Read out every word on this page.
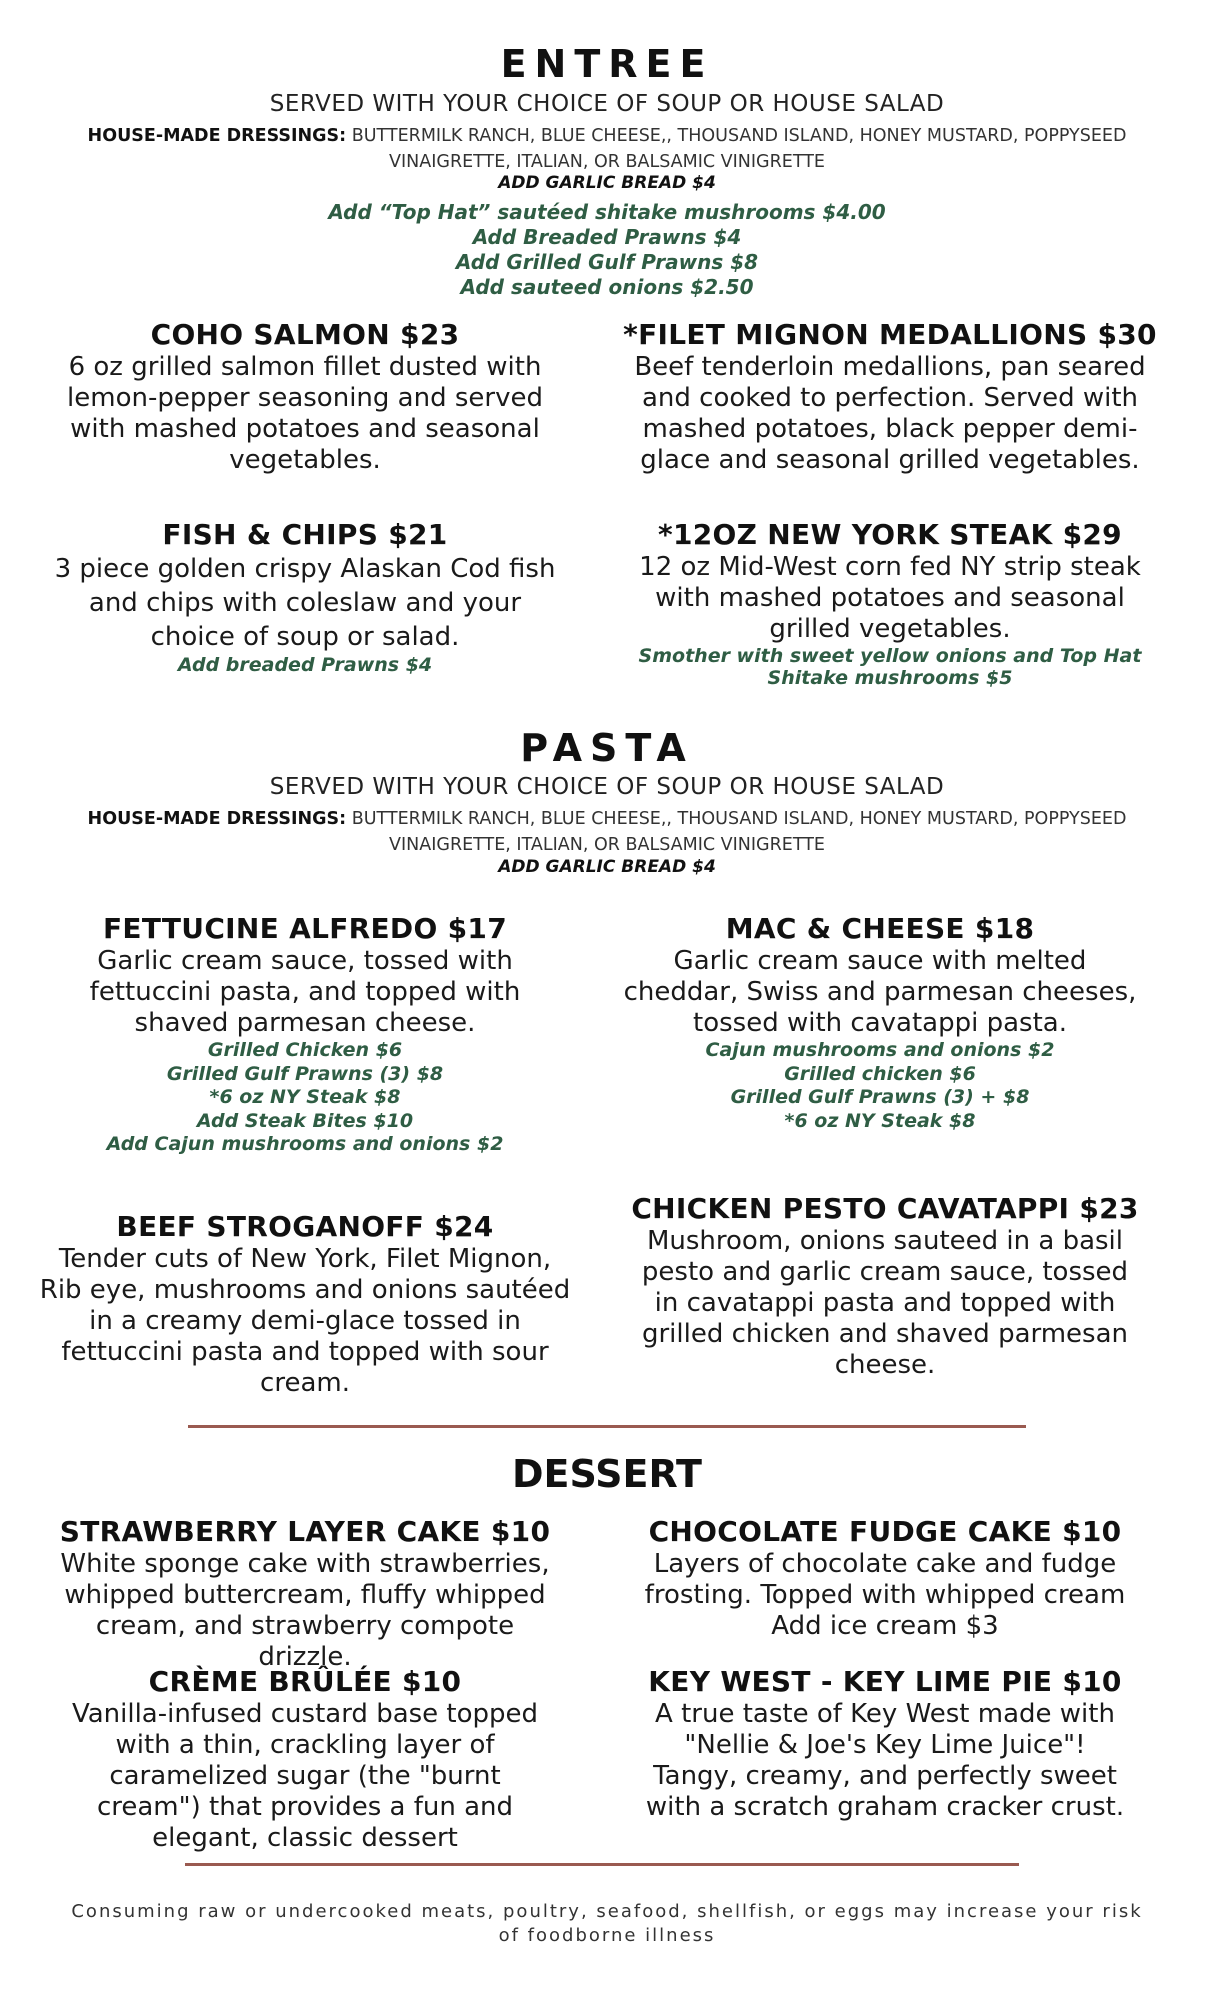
ENTREE
SERVED WITH YOUR CHOICE OF SOUP OR HOUSE SALAD
HOUSE-MADE DRESSINGS: BUTTERMILK RANCH, BLUE CHEESE,, THOUSAND ISLAND, HONEY MUSTARD, POPPYSEED VINAIGRETTE, ITALIAN, OR BALSAMIC VINIGRETTE
ADD GARLIC BREAD $4
Add “Top Hat” sautéed shitake mushrooms $4.00
Add Breaded Prawns $4
Add Grilled Gulf Prawns $8
Add sauteed onions $2.50
COHO SALMON $23
6 oz grilled salmon fillet dusted with lemon-pepper seasoning and served with mashed potatoes and seasonal vegetables.
*FILET MIGNON MEDALLIONS $30
Beef tenderloin medallions, pan seared and cooked to perfection. Served with mashed potatoes, black pepper demi-glace and seasonal grilled vegetables.
FISH & CHIPS $21
3 piece golden crispy Alaskan Cod fish and chips with coleslaw and your choice of soup or salad.
Add breaded Prawns $4
*12OZ NEW YORK STEAK $29
12 oz Mid-West corn fed NY strip steak with mashed potatoes and seasonal grilled vegetables.
Smother with sweet yellow onions and Top Hat Shitake mushrooms $5
PASTA
SERVED WITH YOUR CHOICE OF SOUP OR HOUSE SALAD
HOUSE-MADE DRESSINGS: BUTTERMILK RANCH, BLUE CHEESE,, THOUSAND ISLAND, HONEY MUSTARD, POPPYSEED VINAIGRETTE, ITALIAN, OR BALSAMIC VINIGRETTE
ADD GARLIC BREAD $4
FETTUCINE ALFREDO $17
Garlic cream sauce, tossed with fettuccini pasta, and topped with shaved parmesan cheese.
Grilled Chicken $6
Grilled Gulf Prawns (3) $8
*6 oz NY Steak $8
Add Steak Bites $10
Add Cajun mushrooms and onions $2
MAC & CHEESE $18
Garlic cream sauce with melted cheddar, Swiss and parmesan cheeses, tossed with cavatappi pasta.
Cajun mushrooms and onions $2
Grilled chicken $6
Grilled Gulf Prawns (3) + $8
*6 oz NY Steak $8
BEEF STROGANOFF $24
Tender cuts of New York, Filet Mignon, Rib eye, mushrooms and onions sautéed in a creamy demi-glace tossed in fettuccini pasta and topped with sour cream.
CHICKEN PESTO CAVATAPPI $23
Mushroom, onions sauteed in a basil pesto and garlic cream sauce, tossed in cavatappi pasta and topped with grilled chicken and shaved parmesan cheese.
DESSERT
STRAWBERRY LAYER CAKE $10
White sponge cake with strawberries, whipped buttercream, fluffy whipped cream, and strawberry compote drizzle.
CHOCOLATE FUDGE CAKE $10
Layers of chocolate cake and fudge frosting. Topped with whipped cream Add ice cream $3
CRÈME BRÛLÉE $10
Vanilla-infused custard base topped with a thin, crackling layer of caramelized sugar (the "burnt cream") that provides a fun and elegant, classic dessert
KEY WEST - KEY LIME PIE $10
A true taste of Key West made with "Nellie & Joe's Key Lime Juice"! Tangy, creamy, and perfectly sweet with a scratch graham cracker crust.
Consuming raw or undercooked meats, poultry, seafood, shellfish, or eggs may increase your risk of foodborne illness
